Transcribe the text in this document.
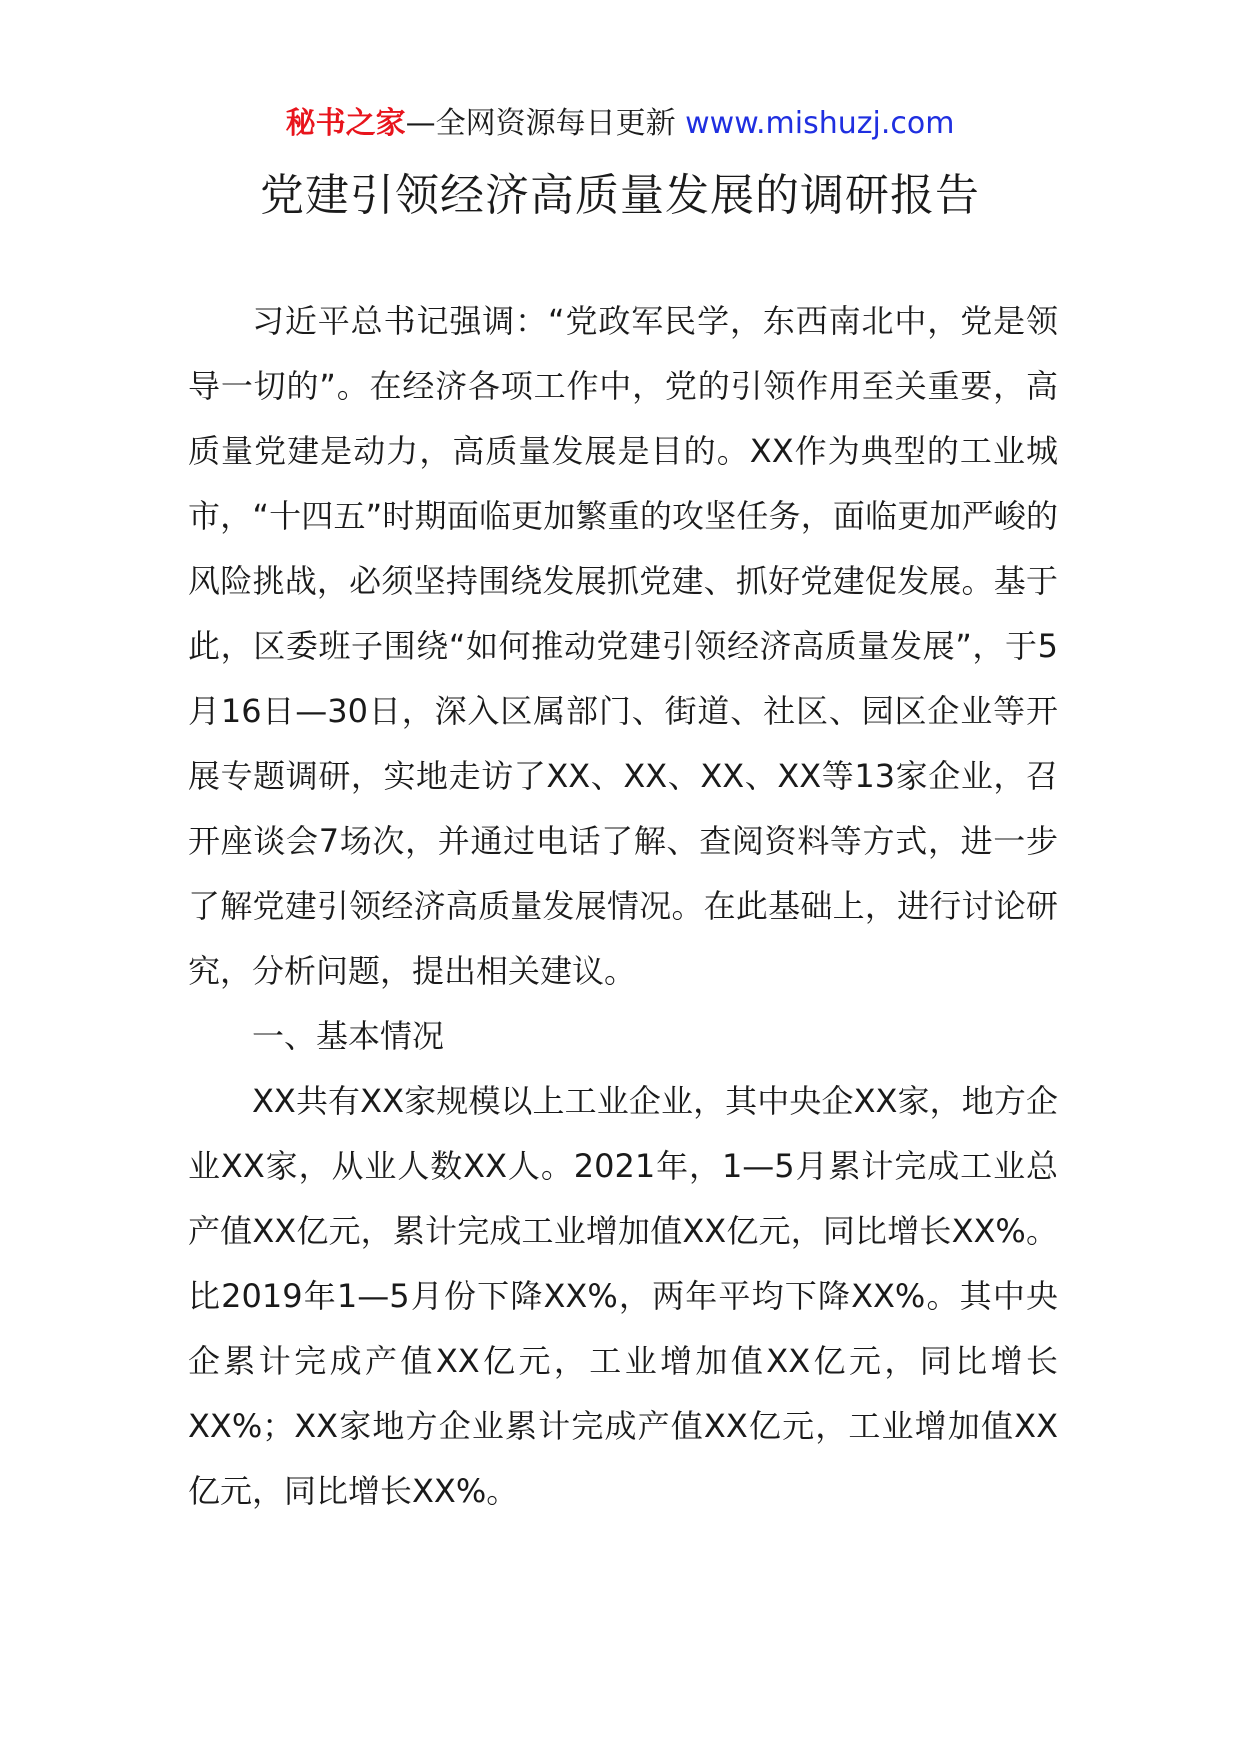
秘书之家—全网资源每日更新 www.mishuzj.com
党建引领经济高质量发展的调研报告

习近平总书记强调：“党政军民学，东西南北中，党是领导一切的”。在经济各项工作中，党的引领作用至关重要，高质量党建是动力，高质量发展是目的。XX作为典型的工业城市，“十四五”时期面临更加繁重的攻坚任务，面临更加严峻的风险挑战，必须坚持围绕发展抓党建、抓好党建促发展。基于此，区委班子围绕“如何推动党建引领经济高质量发展”，于5月16日—30日，深入区属部门、街道、社区、园区企业等开展专题调研，实地走访了XX、XX、XX、XX等13家企业，召开座谈会7场次，并通过电话了解、查阅资料等方式，进一步了解党建引领经济高质量发展情况。在此基础上，进行讨论研究，分析问题，提出相关建议。

一、基本情况

XX共有XX家规模以上工业企业，其中央企XX家，地方企业XX家，从业人数XX人。2021年，1—5月累计完成工业总产值XX亿元，累计完成工业增加值XX亿元，同比增长XX%。比2019年1—5月份下降XX%，两年平均下降XX%。其中央企累计完成产值XX亿元，工业增加值XX亿元，同比增长XX%；XX家地方企业累计完成产值XX亿元，工业增加值XX亿元，同比增长XX%。
